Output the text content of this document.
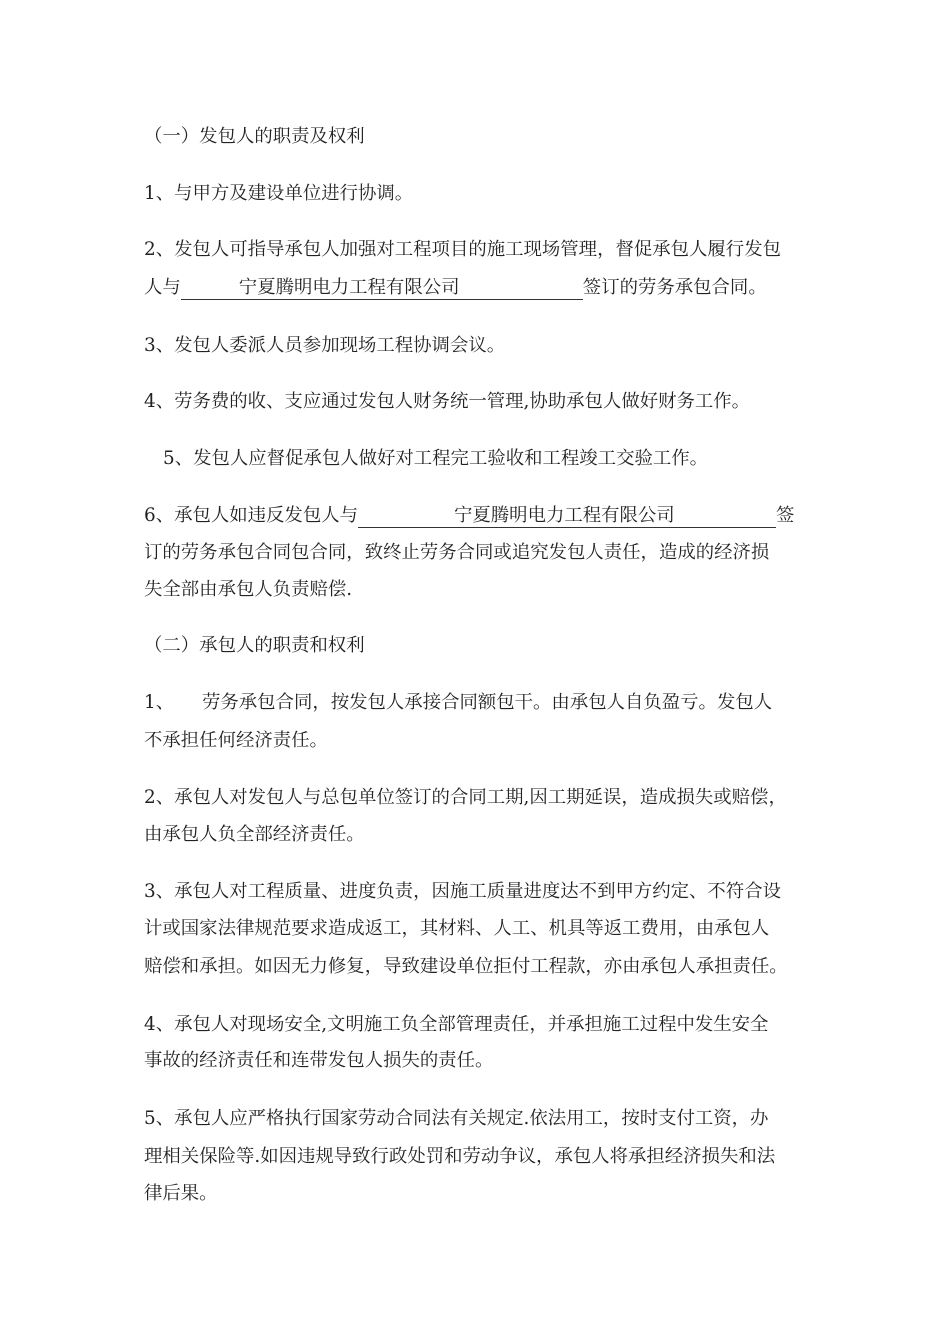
（一）发包人的职责及权利
1、与甲方及建设单位进行协调。
2、发包人可指导承包人加强对工程项目的施工现场管理，督促承包人履行发包
人与	宁夏腾明电力工程有限公司	签订的劳务承包合同。
3、发包人委派人员参加现场工程协调会议。
4、劳务费的收、支应通过发包人财务统一管理,协助承包人做好财务工作。
5、发包人应督促承包人做好对工程完工验收和工程竣工交验工作。
6、承包人如违反发包人与	宁夏腾明电力工程有限公司	签
订的劳务承包合同包合同，致终止劳务合同或追究发包人责任，造成的经济损
失全部由承包人负责赔偿.
（二）承包人的职责和权利
1、 劳务承包合同，按发包人承接合同额包干。由承包人自负盈亏。发包人
不承担任何经济责任。
2、承包人对发包人与总包单位签订的合同工期,因工期延误，造成损失或赔偿，
由承包人负全部经济责任。
3、承包人对工程质量、进度负责，因施工质量进度达不到甲方约定、不符合设
计或国家法律规范要求造成返工，其材料、人工、机具等返工费用，由承包人
赔偿和承担。如因无力修复，导致建设单位拒付工程款，亦由承包人承担责任。
4、承包人对现场安全,文明施工负全部管理责任，并承担施工过程中发生安全
事故的经济责任和连带发包人损失的责任。
5、承包人应严格执行国家劳动合同法有关规定.依法用工，按时支付工资，办
理相关保险等.如因违规导致行政处罚和劳动争议，承包人将承担经济损失和法
律后果。
